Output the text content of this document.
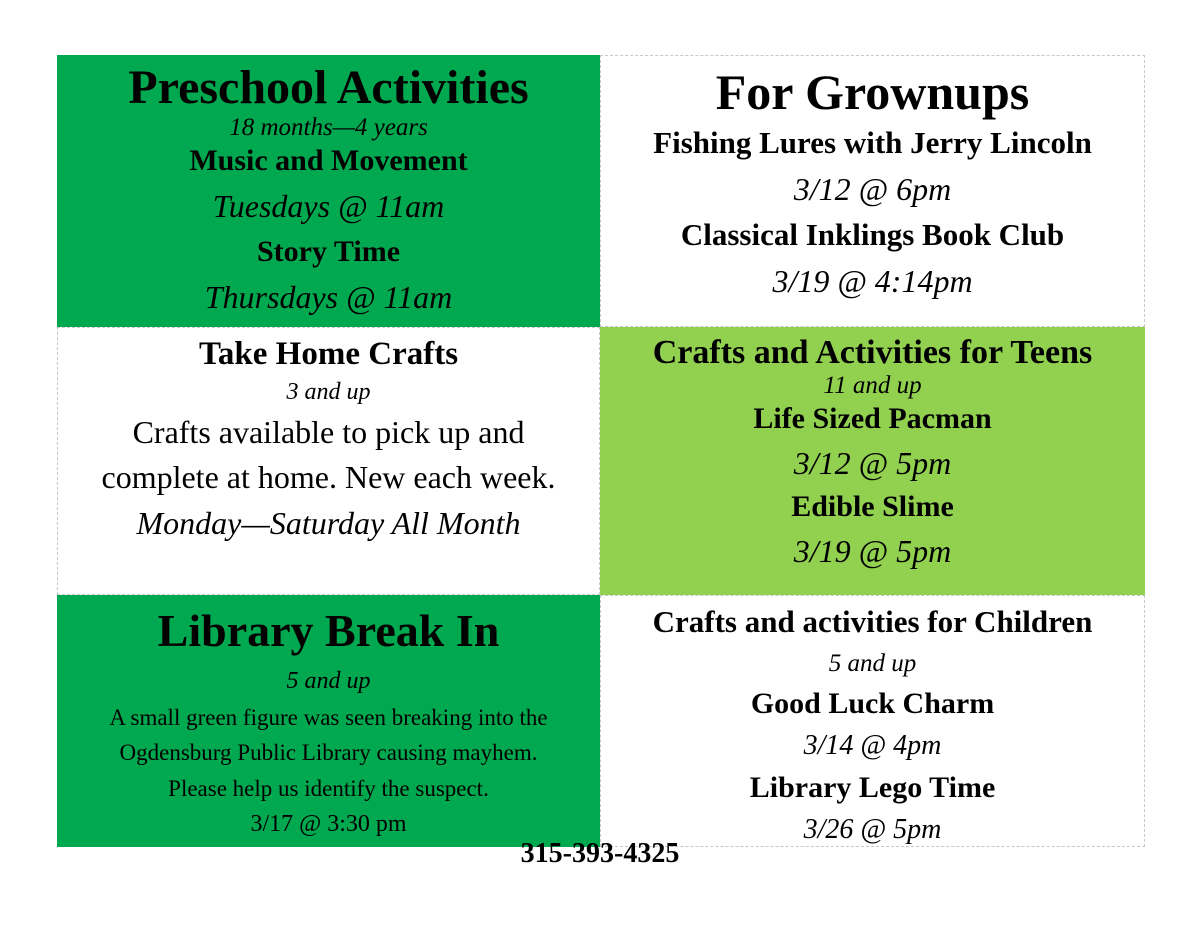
Preschool Activities
18 months—4 years
Music and Movement
Tuesdays @ 11am
Story Time
Thursdays @ 11am
For Grownups
Fishing Lures with Jerry Lincoln
3/12 @ 6pm
Classical Inklings Book Club
3/19 @ 4:14pm
Take Home Crafts
3 and up
Crafts available to pick up and
complete at home. New each week.
Monday—Saturday All Month
Crafts and Activities for Teens
11 and up
Life Sized Pacman
3/12 @ 5pm
Edible Slime
3/19 @ 5pm
Library Break In
5 and up
A small green figure was seen breaking into the
Ogdensburg Public Library causing mayhem.
Please help us identify the suspect.
3/17 @ 3:30 pm
Crafts and activities for Children
5 and up
Good Luck Charm
3/14 @ 4pm
Library Lego Time
3/26 @ 5pm
315-393-4325
